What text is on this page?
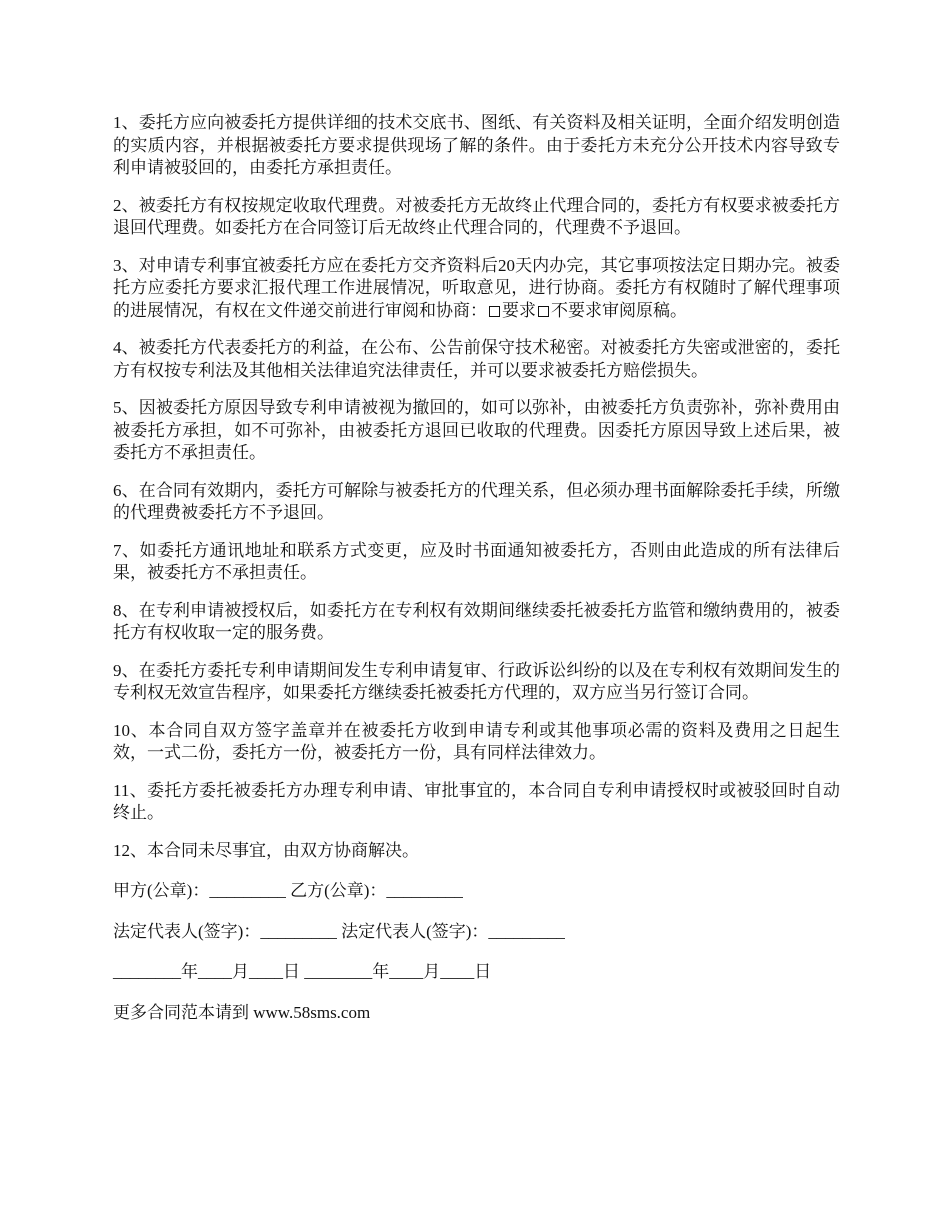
1、委托方应向被委托方提供详细的技术交底书、图纸、有关资料及相关证明，全面介绍发明创造的实质内容，并根据被委托方要求提供现场了解的条件。由于委托方未充分公开技术内容导致专利申请被驳回的，由委托方承担责任。

2、被委托方有权按规定收取代理费。对被委托方无故终止代理合同的，委托方有权要求被委托方退回代理费。如委托方在合同签订后无故终止代理合同的，代理费不予退回。

3、对申请专利事宜被委托方应在委托方交齐资料后20天内办完，其它事项按法定日期办完。被委托方应委托方要求汇报代理工作进展情况，听取意见，进行协商。委托方有权随时了解代理事项的进展情况，有权在文件递交前进行审阅和协商： 要求 不要求审阅原稿。

4、被委托方代表委托方的利益，在公布、公告前保守技术秘密。对被委托方失密或泄密的，委托方有权按专利法及其他相关法律追究法律责任，并可以要求被委托方赔偿损失。

5、因被委托方原因导致专利申请被视为撤回的，如可以弥补，由被委托方负责弥补，弥补费用由被委托方承担，如不可弥补，由被委托方退回已收取的代理费。因委托方原因导致上述后果，被委托方不承担责任。

6、在合同有效期内，委托方可解除与被委托方的代理关系，但必须办理书面解除委托手续，所缴的代理费被委托方不予退回。

7、如委托方通讯地址和联系方式变更，应及时书面通知被委托方，否则由此造成的所有法律后果，被委托方不承担责任。

8、在专利申请被授权后，如委托方在专利权有效期间继续委托被委托方监管和缴纳费用的，被委托方有权收取一定的服务费。

9、在委托方委托专利申请期间发生专利申请复审、行政诉讼纠纷的以及在专利权有效期间发生的专利权无效宣告程序，如果委托方继续委托被委托方代理的，双方应当另行签订合同。

10、本合同自双方签字盖章并在被委托方收到申请专利或其他事项必需的资料及费用之日起生效，一式二份，委托方一份，被委托方一份，具有同样法律效力。

11、委托方委托被委托方办理专利申请、审批事宜的，本合同自专利申请授权时或被驳回时自动终止。

12、本合同未尽事宜，由双方协商解决。

甲方(公章)：_________ 乙方(公章)：_________

法定代表人(签字)：_________ 法定代表人(签字)：_________

________年____月____日 ________年____月____日

更多合同范本请到 www.58sms.com
